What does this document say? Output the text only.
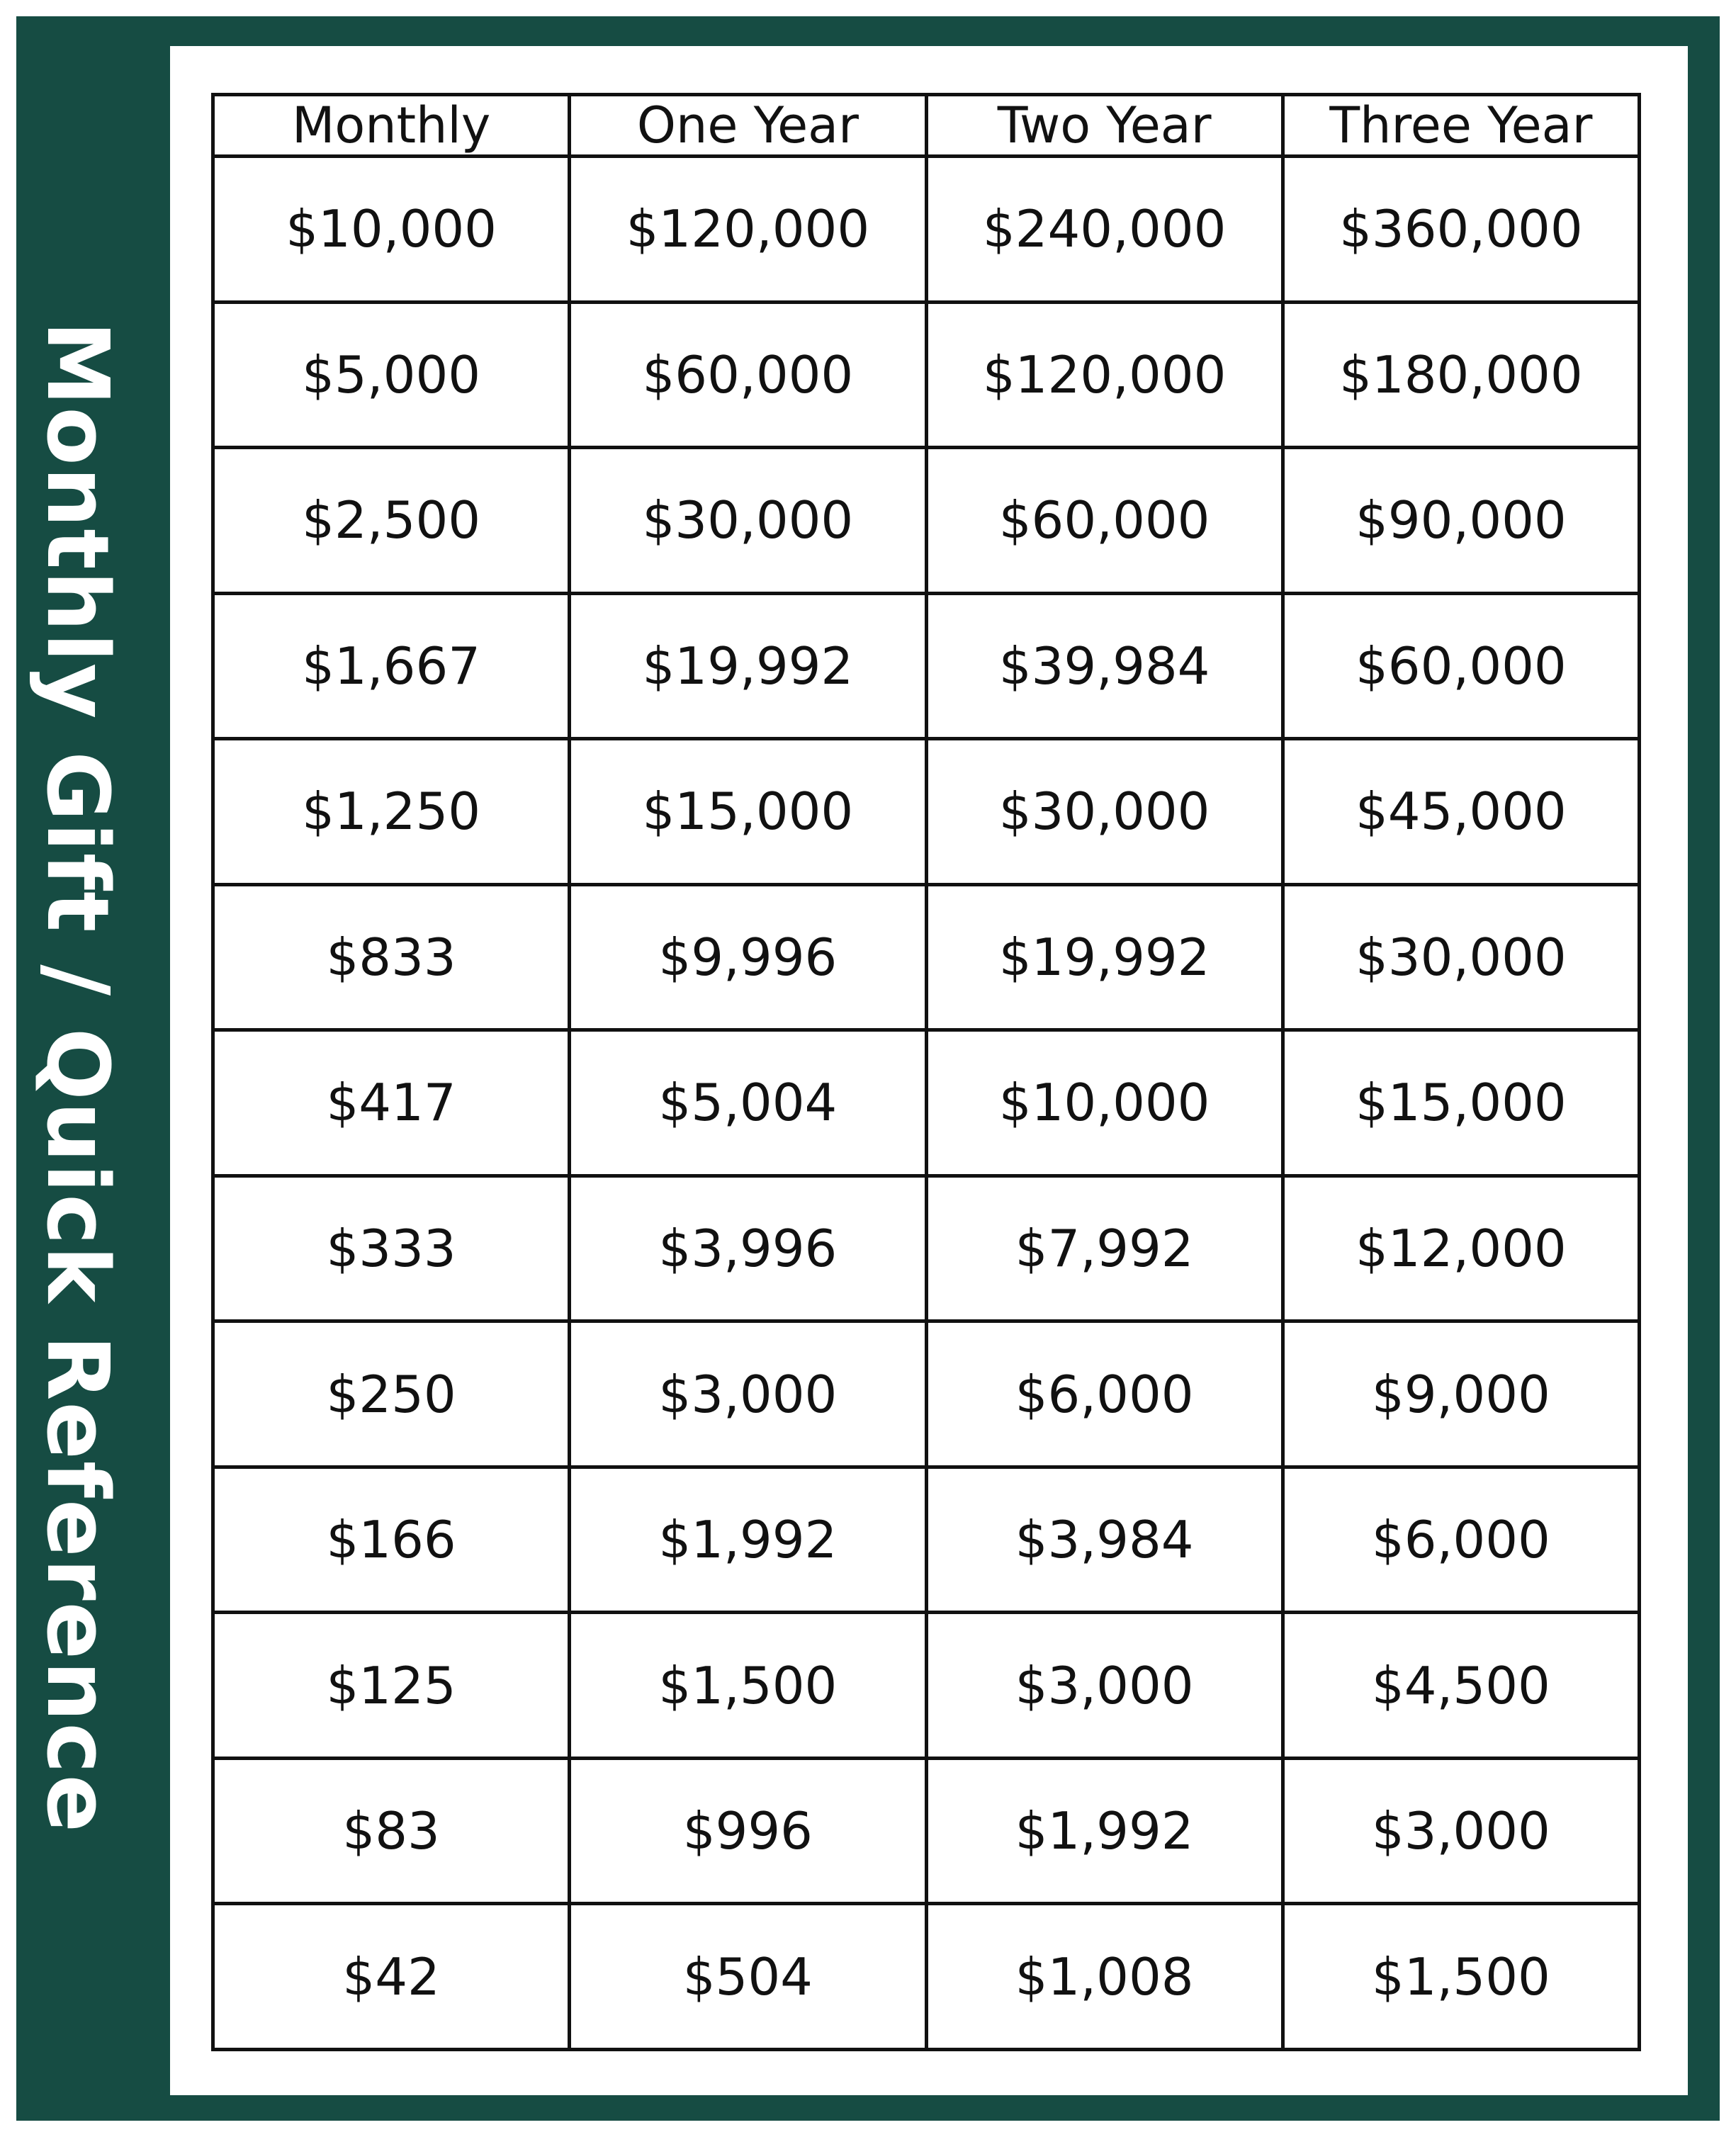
Monthly Gift / Quick Reference
Monthly	One Year	Two Year	Three Year
$10,000	$120,000	$240,000	$360,000
$5,000	$60,000	$120,000	$180,000
$2,500	$30,000	$60,000	$90,000
$1,667	$19,992	$39,984	$60,000
$1,250	$15,000	$30,000	$45,000
$833	$9,996	$19,992	$30,000
$417	$5,004	$10,000	$15,000
$333	$3,996	$7,992	$12,000
$250	$3,000	$6,000	$9,000
$166	$1,992	$3,984	$6,000
$125	$1,500	$3,000	$4,500
$83	$996	$1,992	$3,000
$42	$504	$1,008	$1,500
